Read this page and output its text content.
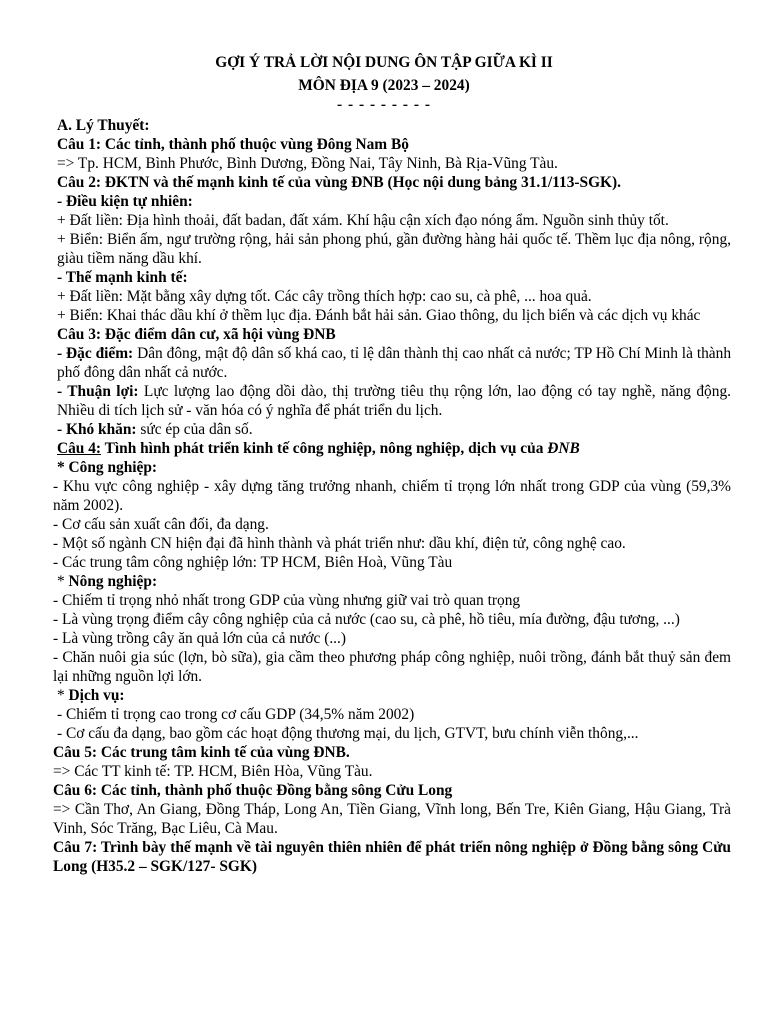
GỢI Ý TRẢ LỜI NỘI DUNG ÔN TẬP GIỮA KÌ II
MÔN ĐỊA 9 (2023 – 2024)
- - - - - - - - -

A. Lý Thuyết:

Câu 1: Các tỉnh, thành phố thuộc vùng Đông Nam Bộ

=> Tp. HCM, Bình Phước, Bình Dương, Đồng Nai, Tây Ninh, Bà Rịa-Vũng Tàu.

Câu 2: ĐKTN và thế mạnh kinh tế của vùng ĐNB (Học nội dung bảng 31.1/113-SGK).

- Điều kiện tự nhiên:

+ Đất liền: Địa hình thoải, đất badan, đất xám. Khí hậu cận xích đạo nóng ẩm. Nguồn sinh thủy tốt.

+ Biển: Biển ấm, ngư trường rộng, hải sản phong phú, gần đường hàng hải quốc tế. Thềm lục địa nông, rộng, giàu tiềm năng dầu khí.

- Thế mạnh kinh tế:

+ Đất liền: Mặt bằng xây dựng tốt. Các cây trồng thích hợp: cao su, cà phê, ... hoa quả.

+ Biển: Khai thác dầu khí ở thềm lục địa. Đánh bắt hải sản. Giao thông, du lịch biển và các dịch vụ khác

Câu 3: Đặc điểm dân cư, xã hội vùng ĐNB

- Đặc điểm: Dân đông, mật độ dân số khá cao, tỉ lệ dân thành thị cao nhất cả nước; TP Hồ Chí Minh là thành phố đông dân nhất cả nước.

- Thuận lợi: Lực lượng lao động dồi dào, thị trường tiêu thụ rộng lớn, lao động có tay nghề, năng động. Nhiều di tích lịch sử - văn hóa có ý nghĩa để phát triển du lịch.

- Khó khăn: sức ép của dân số.

Câu 4: Tình hình phát triển kinh tế công nghiệp, nông nghiệp, dịch vụ của ĐNB

* Công nghiệp:

- Khu vực công nghiệp - xây dựng tăng trưởng nhanh, chiếm tỉ trọng lớn nhất trong GDP của vùng (59,3% năm 2002).

- Cơ cấu sản xuất cân đối, đa dạng.

- Một số ngành CN hiện đại đã hình thành và phát triển như: dầu khí, điện tử, công nghệ cao.

- Các trung tâm công nghiệp lớn: TP HCM, Biên Hoà, Vũng Tàu

* Nông nghiệp:

- Chiếm tỉ trọng nhỏ nhất trong GDP của vùng nhưng giữ vai trò quan trọng

- Là vùng trọng điểm cây công nghiệp của cả nước (cao su, cà phê, hồ tiêu, mía đường, đậu tương, ...)

- Là vùng trồng cây ăn quả lớn của cả nước (...)

- Chăn nuôi gia súc (lợn, bò sữa), gia cầm theo phương pháp công nghiệp, nuôi trồng, đánh bắt thuỷ sản đem lại những nguồn lợi lớn.

* Dịch vụ:

- Chiếm tỉ trọng cao trong cơ cấu GDP (34,5% năm 2002)

- Cơ cấu đa dạng, bao gồm các hoạt động thương mại, du lịch, GTVT, bưu chính viễn thông,...

Câu 5: Các trung tâm kinh tế của vùng ĐNB.

=> Các TT kinh tế: TP. HCM, Biên Hòa, Vũng Tàu.

Câu 6: Các tỉnh, thành phố thuộc Đồng bằng sông Cửu Long

=> Cần Thơ, An Giang, Đồng Tháp, Long An, Tiền Giang, Vĩnh long, Bến Tre, Kiên Giang, Hậu Giang, Trà Vinh, Sóc Trăng, Bạc Liêu, Cà Mau.

Câu 7: Trình bày thế mạnh về tài nguyên thiên nhiên để phát triển nông nghiệp ở Đồng bằng sông Cửu Long (H35.2 – SGK/127- SGK)
